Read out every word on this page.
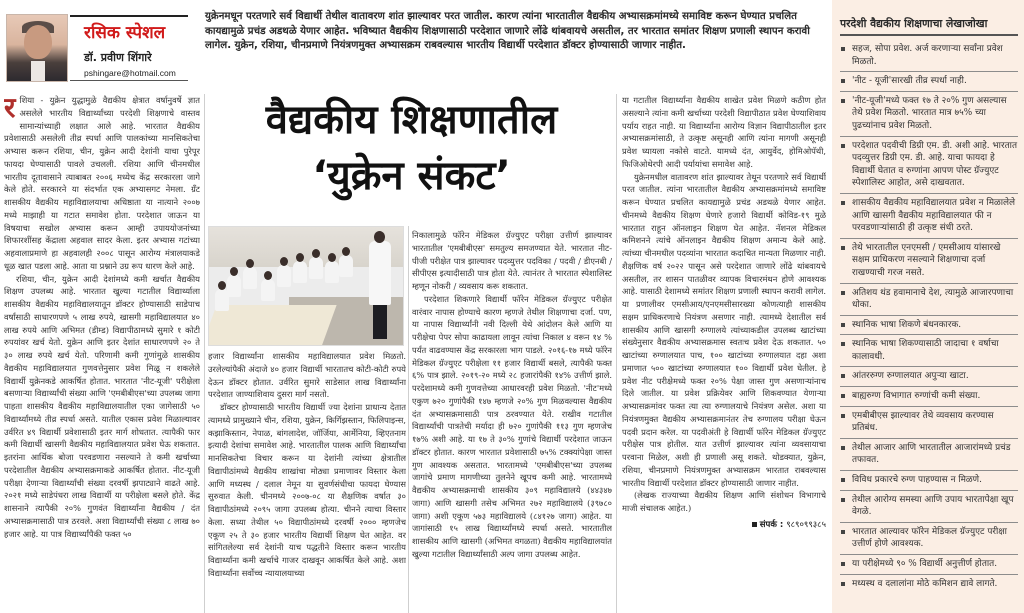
रसिक स्पेशल
डॉ. प्रवीण शिंगारे
pshingare@hotmail.com
युक्रेनमधून परतणारे सर्व विद्यार्थी तेथील वातावरण शांत झाल्यावर परत जातील. कारण त्यांना भारतातील वैद्यकीय अभ्यासक्रमांमध्ये समाविष्ट करून घेण्यात प्रचलित कायद्यामुळे प्रचंड अडथळे येणार आहेत. भविष्यात वैद्यकीय शिक्षणासाठी परदेशात जाणारे लोंढे थांबवायचे असतील, तर भारतात समांतर शिक्षण प्रणाली स्थापन करावी लागेल. युक्रेन, रशिया, चीनप्रमाणे नियंत्रणमुक्त अभ्यासक्रम राबवल्यास भारतीय विद्यार्थी परदेशात डॉक्टर होण्यासाठी जाणार नाहीत.
वैद्यकीय शिक्षणातील
‘युक्रेन संकट’

रशिया - युक्रेन युद्धामुळे वैद्यकीय क्षेत्रात वर्षानुवर्षे ज्ञात असलेले भारतीय विद्यार्थ्यांच्या परदेशी शिक्षणाचे वास्तव सामान्यांच्याही लक्षात आले आहे. भारतात वैद्यकीय प्रवेशासाठी असलेली तीव्र स्पर्धा आणि पालकांच्या मानसिकतेचा अभ्यास करून रशिया, चीन, युक्रेन आदी देशांनी याचा पुरेपूर फायदा घेण्यासाठी पावले उचलली. रशिया आणि चीनमधील भारतीय दूतावासाने त्याबाबत २००६ मध्येच केंद्र सरकारला जागे केले होते. सरकारने या संदर्भात एक अभ्यासगट नेमला. ग्रँट शासकीय वैद्यकीय महाविद्यालयाचा अधिष्ठाता या नात्याने २००७ मध्ये माझाही या गटात समावेश होता. परदेशात जाऊन या विषयाचा सखोल अभ्यास करून आम्ही उपाययोजनांच्या शिफारशींसह केंद्राला अहवाल सादर केला. इतर अभ्यास गटांच्या अहवालाप्रमाणे हा अहवालही २००८ पासून आरोग्य मंत्रालयाकडे धूळ खात पडला आहे. आता या प्रश्नाने उग्र रूप धारण केले आहे.

रशिया, चीन, युक्रेन आदी देशांमध्ये कमी खर्चात वैद्यकीय शिक्षण उपलब्ध आहे. भारतात खुल्या गटातील विद्यार्थ्याला शासकीय वैद्यकीय महाविद्यालयातून डॉक्टर होण्यासाठी साडेपाच वर्षांसाठी साधारणपणे ५ लाख रुपये, खासगी महाविद्यालयात ४० लाख रुपये आणि अभिमत (डीम्ड) विद्यापीठामध्ये सुमारे १ कोटी रुपयांवर खर्च येतो. युक्रेन आणि इतर देशांत साधारणपणे २० ते ३० लाख रुपये खर्च येतो. परिणामी कमी गुणांमुळे शासकीय वैद्यकीय महाविद्यालयात गुणवत्तेनुसार प्रवेश मिळू न शकलेले विद्यार्थी युक्रेनकडे आकर्षित होतात. भारतात 'नीट-यूजी' परीक्षेला बसणाऱ्या विद्यार्थ्यांची संख्या आणि 'एमबीबीएस'च्या उपलब्ध जागा पाहता शासकीय वैद्यकीय महाविद्यालयातील एका जागेसाठी ५० विद्यार्थ्यांमध्ये तीव्र स्पर्धा असते. यातील एकास प्रवेश मिळाल्यावर उर्वरित ४९ विद्यार्थी प्रवेशासाठी इतर मार्ग शोधतात. त्यापैकी फार कमी विद्यार्थी खासगी वैद्यकीय महाविद्यालयात प्रवेश घेऊ शकतात. इतरांना आर्थिक बोजा परवडणारा नसल्याने ते कमी खर्चाच्या परदेशातील वैद्यकीय अभ्यासक्रमाकडे आकर्षित होतात. नीट-यूजी परीक्षा देणाऱ्या विद्यार्थ्यांची संख्या दरवर्षी झपाट्याने वाढते आहे. २०२१ मध्ये साडेपंधरा लाख विद्यार्थी या परीक्षेला बसले होते. केंद्र शासनाने त्यापैकी २०% गुणवंत विद्यार्थ्यांना वैद्यकीय / दंत अभ्यासक्रमासाठी पात्र ठरवले. अशा विद्यार्थ्यांची संख्या ८ लाख ७० हजार आहे. या पात्र विद्यार्थ्यांपैकी फक्त ५०

हजार विद्यार्थ्यांना शासकीय महाविद्यालयात प्रवेश मिळतो. उरलेल्यांपैकी अंदाजे ४० हजार विद्यार्थी भारतातच कोटी-कोटी रुपये देऊन डॉक्टर होतात. उर्वरित सुमारे साडेसात लाख विद्यार्थ्यांना परदेशात जाण्याशिवाय दुसरा मार्ग नसतो.

डॉक्टर होण्यासाठी भारतीय विद्यार्थी ज्या देशांना प्राधान्य देतात त्यामध्ये प्रामुख्याने चीन, रशिया, युक्रेन, किर्गिझस्तान, फिलिपाइन्स, कझाकिस्तान, नेपाळ, बांगलादेश, जॉर्जिया, आर्मेनिया, व्हिएतनाम इत्यादी देशांचा समावेश आहे. भारतातील पालक आणि विद्यार्थ्यांचा मानसिकतेचा विचार करून या देशांनी त्यांच्या क्षेत्रातील विद्यापीठांमध्ये वैद्यकीय शाखांचा मोठ्या प्रमाणावर विस्तार केला आणि मध्यस्थ / दलाल नेमून या सुवर्णसंधीचा फायदा घेण्यास सुरुवात केली. चीनमध्ये २००७-०८ या शैक्षणिक वर्षात ३० विद्यापीठांमध्ये २०९५ जागा उपलब्ध होत्या. चीनने त्याचा विस्तार केला. सध्या तेथील ५० विद्यापीठांमध्ये दरवर्षी २००० म्हणजेच एकूण २५ ते ३० हजार भारतीय विद्यार्थी शिक्षण घेत आहेत. वर सांगितलेल्या सर्व देशांनी याच पद्धतीने विस्तार करून भारतीय विद्यार्थ्यांना कमी खर्चाचे गाजर दाखवून आकर्षित केले आहे. अशा विद्यार्थ्यांना सर्वोच्च न्यायालयाच्या

निकालामुळे फॉरेन मेडिकल ग्रॅज्युएट परीक्षा उत्तीर्ण झाल्यावर भारतातील 'एमबीबीएस' समतुल्य समजण्यात येते. भारतात नीट-पीजी परीक्षेत पात्र झाल्यावर पदव्युत्तर पदविका / पदवी / डीएनबी / सीपीएस इत्यादीसाठी पात्र होता येते. त्यानंतर ते भारतात स्पेशालिस्ट म्हणून नोकरी / व्यवसाय करू शकतात.

परदेशात शिकणारे विद्यार्थी फॉरेन मेडिकल ग्रॅज्युएट परीक्षेत वारंवार नापास होण्याचे कारण म्हणजे तेथील शिक्षणाचा दर्जा. पण, या नापास विद्यार्थ्यांनी नवी दिल्ली येथे आंदोलन केले आणि या परीक्षेचा पेपर सोपा काढायला लावून त्यांचा निकाल ४ वरून १४ % पर्यंत वाढवण्यास केंद्र सरकारला भाग पाडले. २०१६-१७ मध्ये फॉरेन मेडिकल ग्रॅज्युएट परीक्षेला ११ हजार विद्यार्थी बसले, त्यापैकी फक्त ६% पात्र झाले. २०१९-२० मध्ये २८ हजारांपैकी १४% उत्तीर्ण झाले. परदेशामध्ये कमी गुणवत्तेच्या आधारवरही प्रवेश मिळतो. 'नीट'मध्ये एकुण ७२० गुणांपैकी १४७ म्हणजे २०% गुण मिळवल्यास वैद्यकीय दंत अभ्यासक्रमासाठी पात्र ठरवण्यात येते. राखीव गटातील विद्यार्थ्यांची पात्रतेची मर्यादा ही ७२० गुणांपैकी ११३ गुण म्हणजेच १७% अशी आहे. या १७ ते ३०% गुणांचे विद्यार्थी परदेशात जाऊन डॉक्टर होतात. कारण भारतात प्रवेशासाठी ७५% टक्क्यांपेक्षा जास्त गुण आवश्यक असतात. भारतामध्ये 'एमबीबीएस'च्या उपलब्ध जागांचे प्रमाण मागणीच्या तुलनेने खूपच कमी आहे. भारतामध्ये वैद्यकीय अभ्यासक्रमाची शासकीय ३०९ महाविद्यालये (४४३४७ जागा) आणि खासगी तसेच अभिमत २७२ महाविद्यालये (३९७८० जागा) अशी एकूण ५७३ महाविद्यालये (८४१२७ जागा) आहेत. या जागांसाठी १५ लाख विद्यार्थ्यांमध्ये स्पर्धा असते. भारतातील शासकीय आणि खासगी (अभिमत वगळता) वैद्यकीय महाविद्यालयांत खुल्या गटातील विद्यार्थ्यांसाठी अल्प जागा उपलब्ध आहेत.

या गटातील विद्यार्थ्यांना वैद्यकीय शाखेत प्रवेश मिळणे कठीण होत असल्याने त्यांना कमी खर्चाच्या परदेशी विद्यापीठात प्रवेश घेण्याशिवाय पर्याय राहत नाही. या विद्यार्थ्यांना आरोग्य विज्ञान विद्यापीठातील इतर अभ्यासक्रमांसाठी, ते उत्कृष्ट असूनही आणि त्यांना मागणी असूनही प्रवेश घ्यायला नकोसे वाटते. यामध्ये दंत, आयुर्वेद, होमिओपॅथी, फिजिओथेरपी आदी पर्यायांचा समावेश आहे.

युक्रेनमधील वातावरण शांत झाल्यावर तेथून परतणारे सर्व विद्यार्थी परत जातील. त्यांना भारतातील वैद्यकीय अभ्यासक्रमांमध्ये समाविष्ट करून घेण्यात प्रचलित कायद्यामुळे प्रचंड अडथळे येणार आहेत. चीनमध्ये वैद्यकीय शिक्षण घेणारे हजारो विद्यार्थी कोविड-१९ मुळे भारतात राहून ऑनलाइन शिक्षण घेत आहेत. नॅशनल मेडिकल कमिशनने त्यांचे ऑनलाइन वैद्यकीय शिक्षण अमान्य केले आहे. त्यांच्या चीनमधील पदव्यांना भारतात कदाचित मान्यता मिळणार नाही. शैक्षणिक वर्ष २०२२ पासून असे परदेशात जाणारे लोंढे थांबवायचे असतील, तर शासन पातळीवर व्यापक विचारमंथन होणे आवश्यक आहे. यासाठी देशामध्ये समांतर शिक्षण प्रणाली स्थापन करावी लागेल. या प्रणालीवर एमसीआय/एनएमसीसारख्या कोणत्याही शासकीय सक्षम प्राधिकरणाचे नियंत्रण असणार नाही. त्यामध्ये देशातील सर्व शासकीय आणि खासगी रुग्णालये त्यांच्याकडील उपलब्ध खाटांच्या संख्येनुसार वैद्यकीय अभ्यासक्रमास स्वतःच प्रवेश देऊ शकतात. ५० खाटांच्या रुग्णालयात पाच, १०० खाटांच्या रुग्णालयात दहा अशा प्रमाणात ५०० खाटांच्या रुग्णालयात १०० विद्यार्थी प्रवेश घेतील. हे प्रवेश नीट परीक्षेमध्ये फक्त २०% पेक्षा जास्त गुण असणाऱ्यांनाच दिले जातील. या प्रवेश प्रक्रियेवर आणि शिकवण्यात येणाऱ्या अभ्यासक्रमांवर फक्त त्या त्या रुग्णालयाचे नियंत्रण असेल. अशा या नियंत्रणमुक्त वैद्यकीय अभ्यासक्रमानंतर तेच रुग्णालय परीक्षा घेऊन पदवी प्रदान करेल. या पदवीअंती हे विद्यार्थी फॉरेन मेडिकल ग्रॅज्युएट परीक्षेस पात्र होतील. यात उत्तीर्ण झाल्यावर त्यांना व्यवसायाचा परवाना मिळेल, अशी ही प्रणाली असू शकते. थोडक्यात, युक्रेन, रशिया, चीनप्रमाणे नियंत्रणमुक्त अभ्यासक्रम भारतात राबवल्यास भारतीय विद्यार्थी परदेशात डॉक्टर होण्यासाठी जाणार नाहीत.

(लेखक राज्याच्या वैद्यकीय शिक्षण आणि संशोधन विभागाचे माजी संचालक आहेत.)

संपर्क : ९८९०९९३८५
परदेशी वैद्यकीय शिक्षणाचा लेखाजोखा
सहज, सोपा प्रवेश. अर्ज करणाऱ्या सर्वांना प्रवेश मिळतो.
'नीट - यूजी'सारखी तीव्र स्पर्धा नाही.
'नीट-यूजी'मध्ये फक्त १७ ते २०% गुण असल्यास तेथे प्रवेश मिळतो. भारतात मात्र ७५% च्या पुढच्यांनाच प्रवेश मिळतो.
परदेशात पदवीची डिग्री एम. डी. अशी आहे. भारतात पदव्युत्तर डिग्री एम. डी. आहे. याचा फायदा हे विद्यार्थी घेतात व रुग्णांना आपण पोस्ट ग्रॅज्युएट स्पेशालिस्ट आहोत, असे दाखवतात.
शासकीय वैद्यकीय महाविद्यालयात प्रवेश न मिळालेले आणि खासगी वैद्यकीय महाविद्यालयात फी न परवडणाऱ्यांसाठी ही उत्कृष्ट संधी ठरते.
तेथे भारतातील एनएमसी / एमसीआय यांसारखे सक्षम प्राधिकरण नसल्याने शिक्षणाचा दर्जा राखण्याची गरज नसते.
अतिशय थंड हवामानाचे देश, त्यामुळे आजारपणाचा धोका.
स्थानिक भाषा शिकणे बंधनकारक.
स्थानिक भाषा शिकण्यासाठी जादाचा १ वर्षाचा कालावधी.
आंतररुग्ण रुग्णालयात अपुऱ्या खाटा.
बाह्यरुग्ण विभागात रुग्णांची कमी संख्या.
एमबीबीएस झाल्यावर तेथे व्यवसाय करण्यास प्रतिबंध.
तेथील आजार आणि भारतातील आजारांमध्ये प्रचंड तफावत.
विविध प्रकारचे रुग्ण पाहण्यास न मिळणे.
तेथील आरोग्य समस्या आणि उपाय भारतापेक्षा खूप वेगळे.
भारतात आल्यावर फॉरेन मेडिकल ग्रॅज्युएट परीक्षा उत्तीर्ण होणे आवश्यक.
या परीक्षेमध्ये ९० % विद्यार्थी अनुत्तीर्ण होतात.
मध्यस्थ व दलालांना मोठे कमिशन द्यावे लागते.
